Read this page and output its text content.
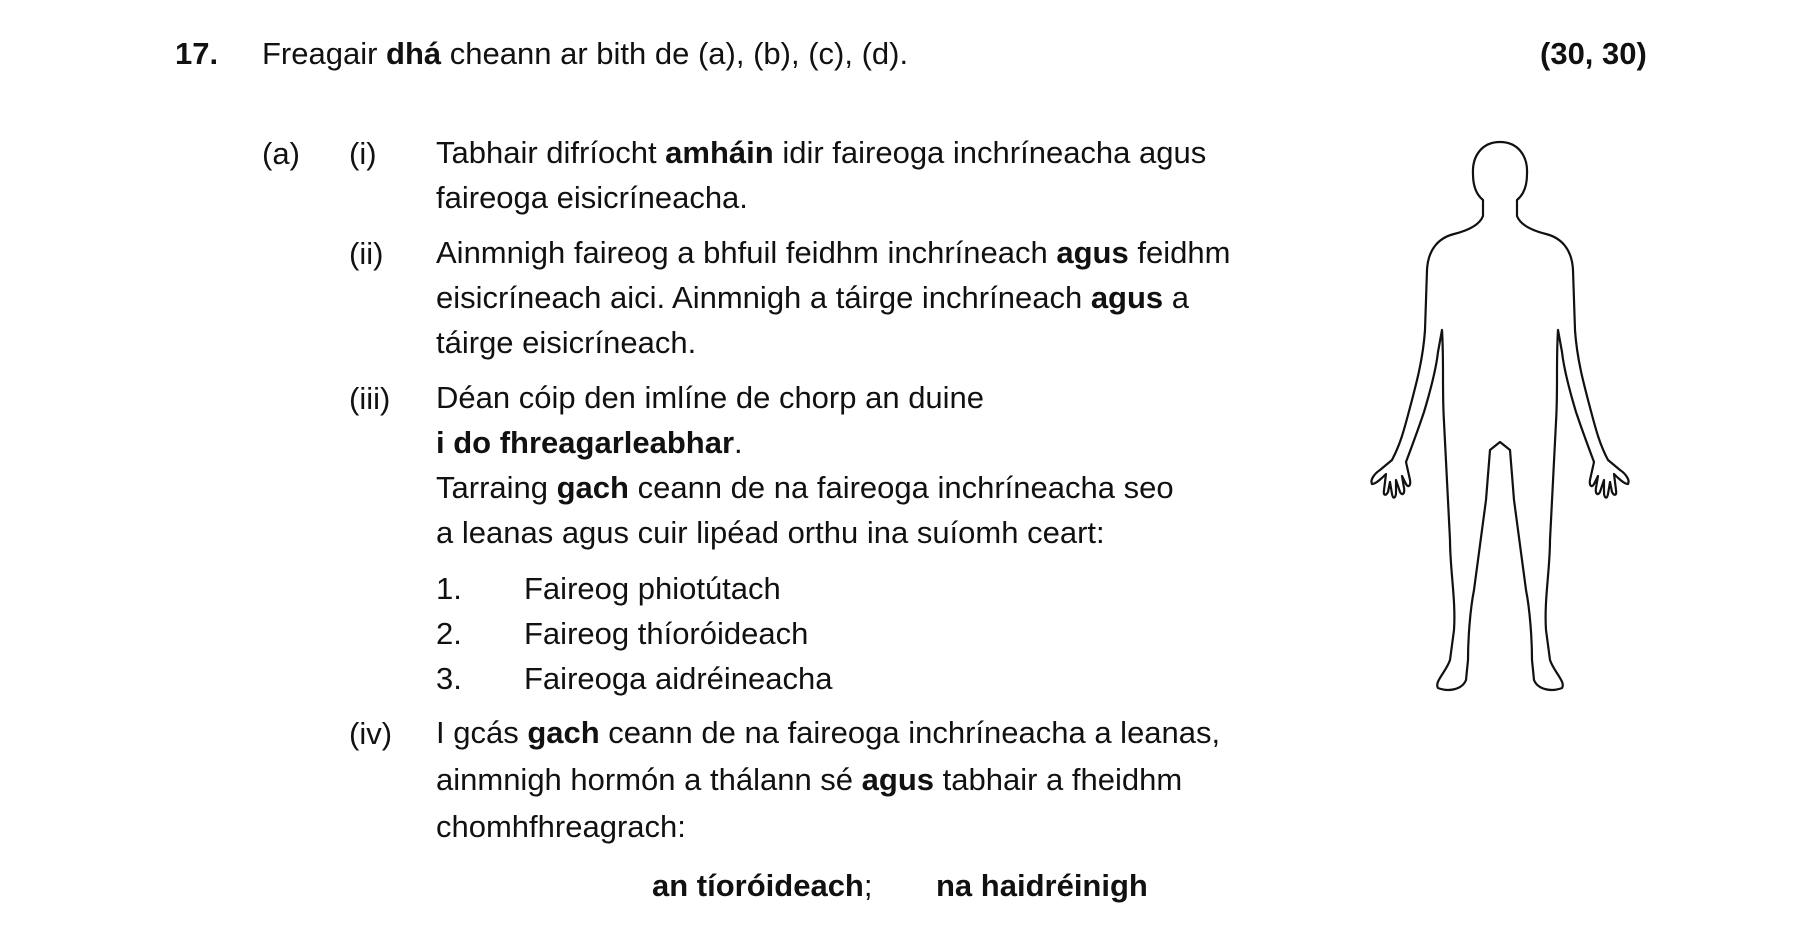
17. Freagair dhá cheann ar bith de (a), (b), (c), (d).	(30, 30)
(a) (i) Tabhair difríocht amháin idir faireoga inchríneacha agus
faireoga eisicríneacha.
(ii) Ainmnigh faireog a bhfuil feidhm inchríneach agus feidhm
eisicríneach aici. Ainmnigh a táirge inchríneach agus a
táirge eisicríneach.
(iii) Déan cóip den imlíne de chorp an duine
i do fhreagarleabhar.
Tarraing gach ceann de na faireoga inchríneacha seo
a leanas agus cuir lipéad orthu ina suíomh ceart:
1. Faireog phiotútach
2. Faireog thíoróideach
3. Faireoga aidréineacha
(iv) I gcás gach ceann de na faireoga inchríneacha a leanas,
ainmnigh hormón a thálann sé agus tabhair a fheidhm
chomhfhreagrach:
an tíoróideach; na haidréinigh
